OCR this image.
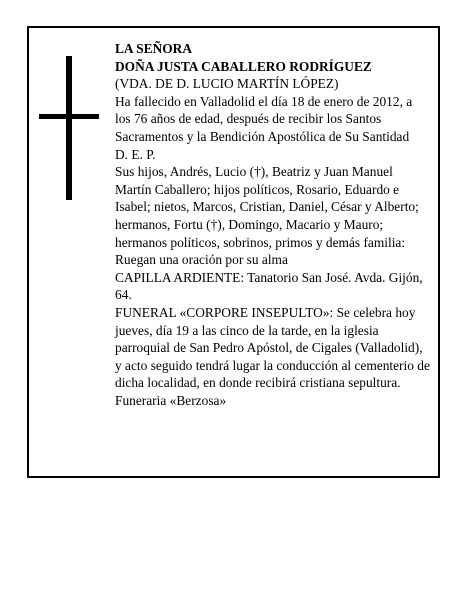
LA SEÑORA

DOÑA JUSTA CABALLERO RODRÍGUEZ

(VDA. DE D. LUCIO MARTÍN LÓPEZ)

Ha fallecido en Valladolid el día 18 de enero de 2012, a los 76 años de edad, después de recibir los Santos Sacramentos y la Bendición Apostólica de Su Santidad

D. E. P.

Sus hijos, Andrés, Lucio (†), Beatriz y Juan Manuel Martín Caballero; hijos políticos, Rosario, Eduardo e Isabel; nietos, Marcos, Cristian, Daniel, César y Alberto; hermanos, Fortu (†), Domingo, Macario y Mauro; hermanos políticos, sobrinos, primos y demás familia:

Ruegan una oración por su alma

CAPILLA ARDIENTE: Tanatorio San José. Avda. Gijón, 64.

FUNERAL «CORPORE INSEPULTO»: Se celebra hoy jueves, día 19 a las cinco de la tarde, en la iglesia parroquial de San Pedro Apóstol, de Cigales (Valladolid), y acto seguido tendrá lugar la conducción al cementerio de dicha localidad, en donde recibirá cristiana sepultura.

Funeraria «Berzosa»
